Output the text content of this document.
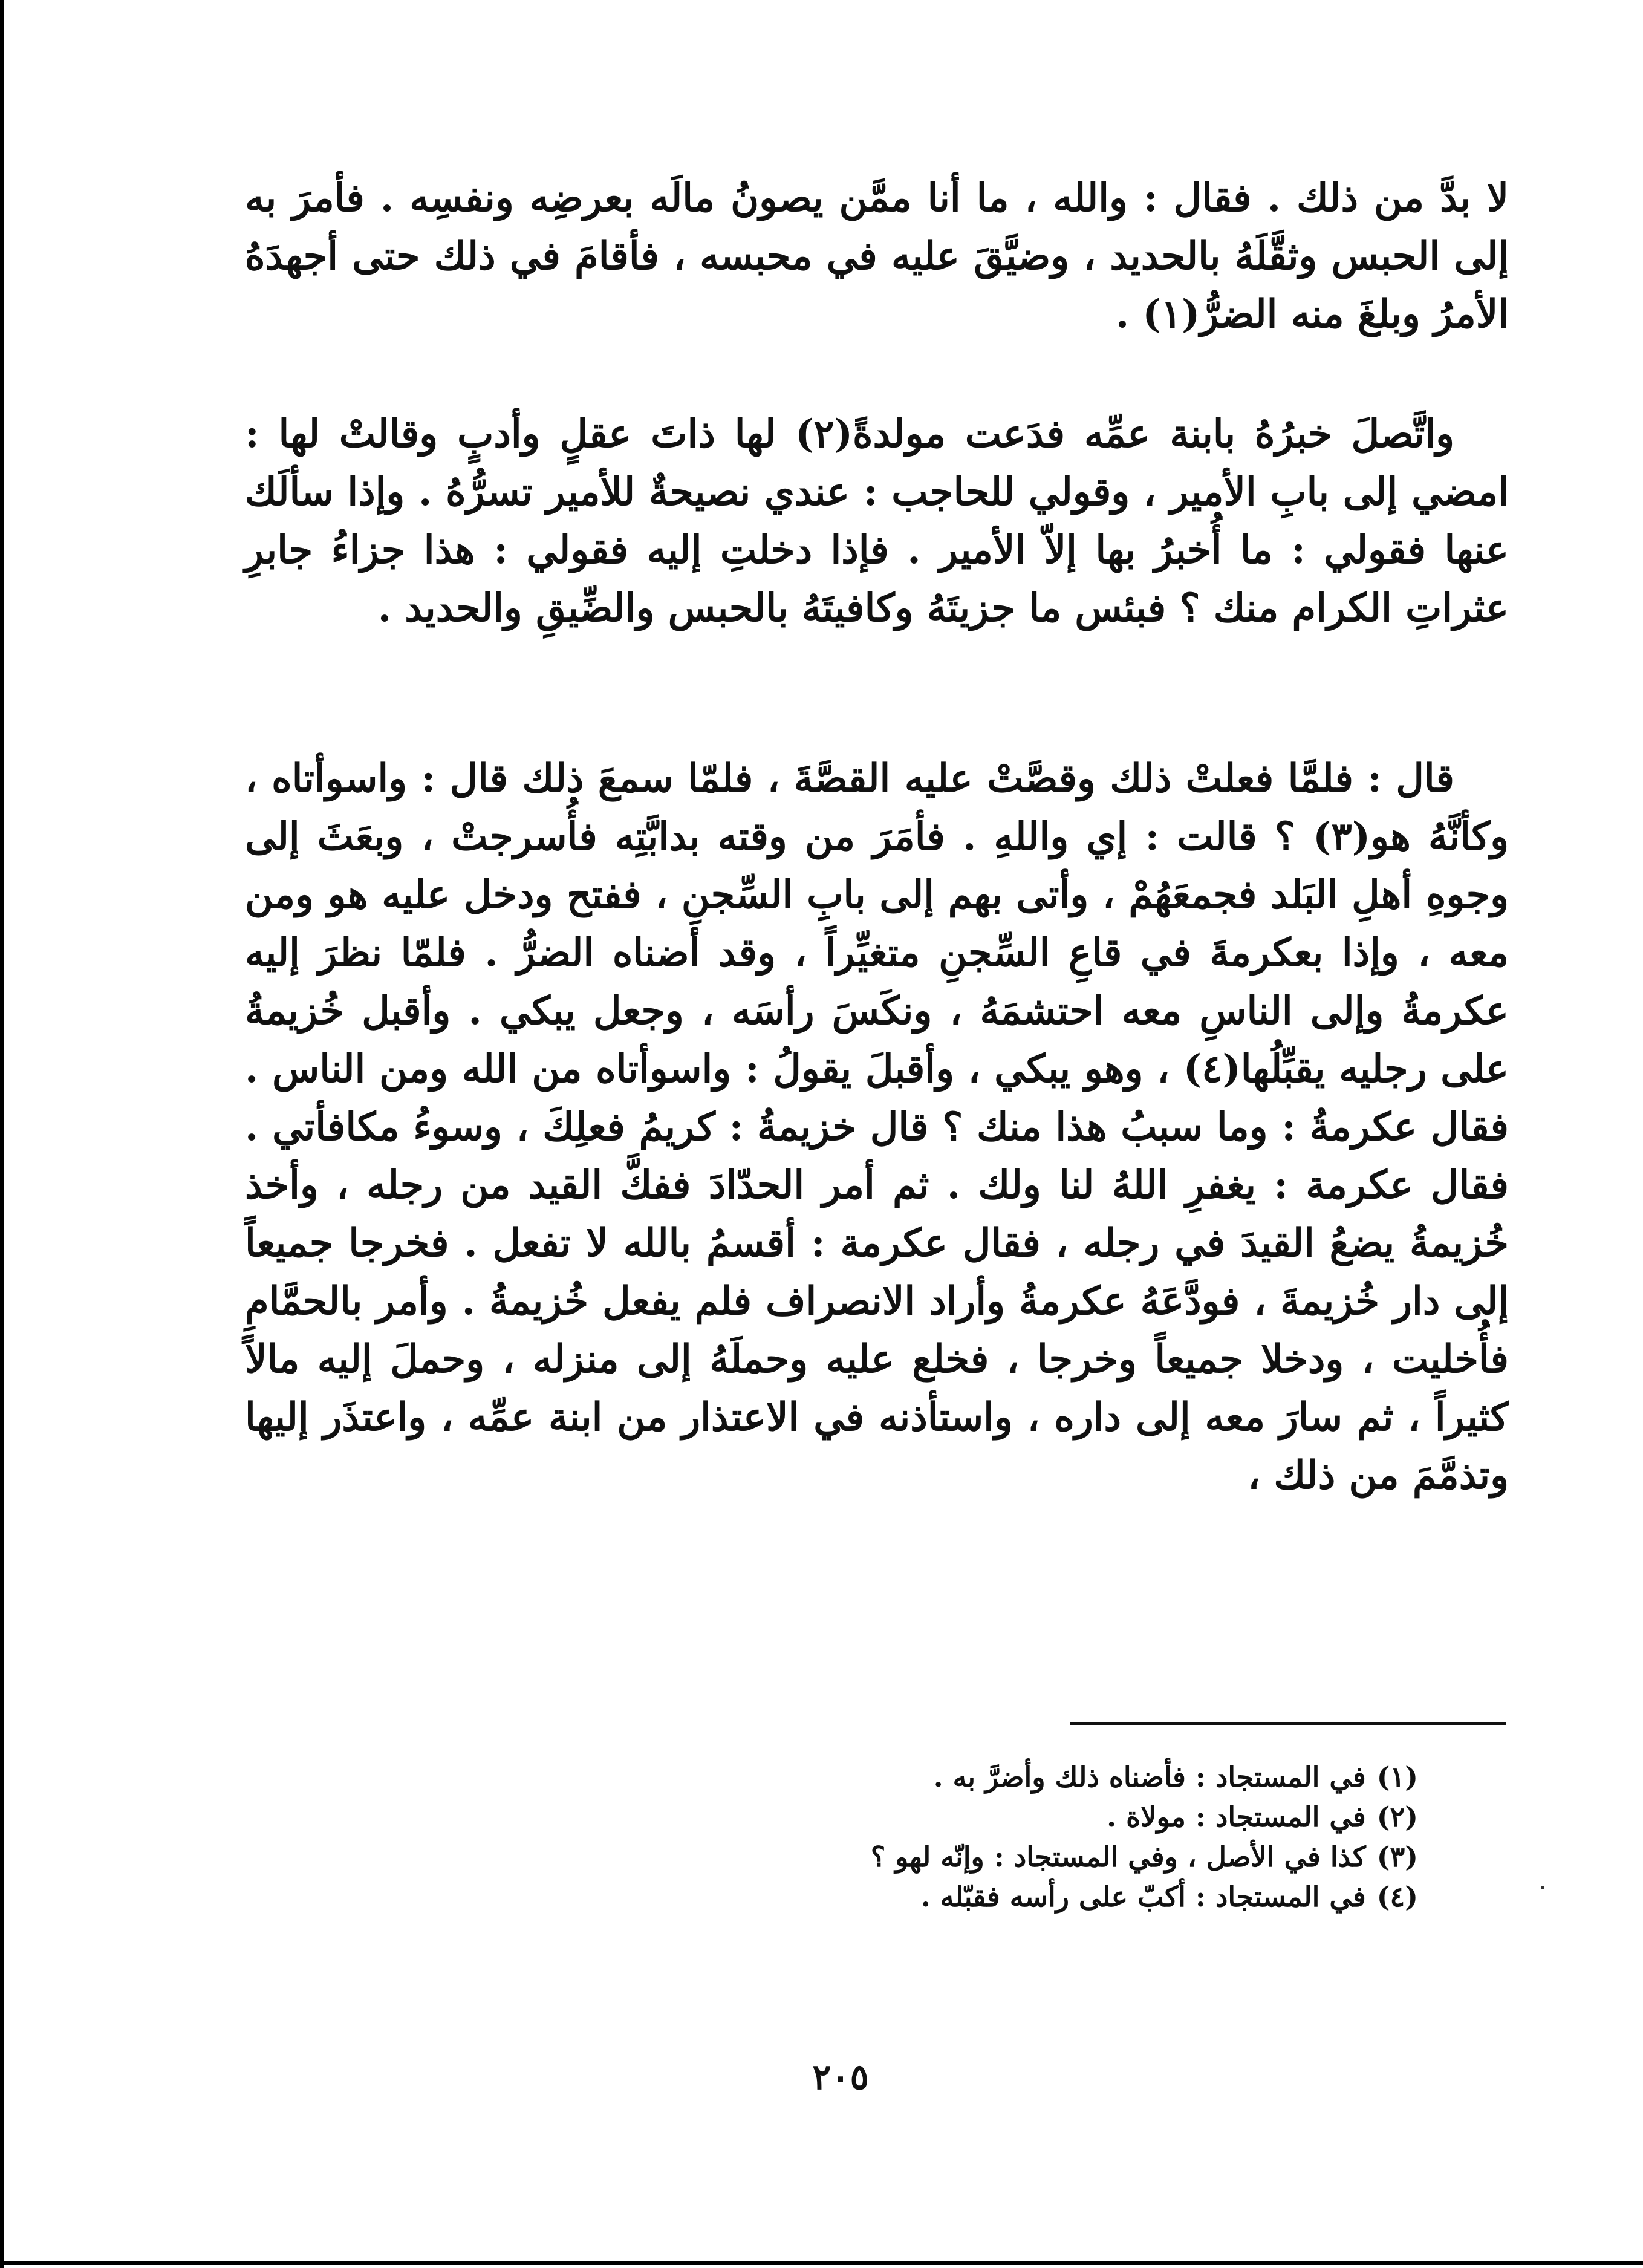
لا بدَّ من ذلك . فقال : والله ، ما أنا ممَّن يصونُ مالَه بعرضِه ونفسِه . فأمرَ به إلى الحبس وثقَّلَهُ بالحديد ، وضيَّقَ عليه في محبسه ، فأقامَ في ذلك حتى أجهدَهُ الأمرُ وبلغَ منه الضرُّ(١) .

واتَّصلَ خبرُهُ بابنة عمِّه فدَعت مولدةً(٢) لها ذاتَ عقلٍ وأدبٍ وقالتْ لها : امضي إلى بابِ الأمير ، وقولي للحاجب : عندي نصيحةٌ للأمير تسرُّهُ . وإذا سألَك عنها فقولي : ما أُخبرُ بها إلاّ الأمير . فإذا دخلتِ إليه فقولي : هذا جزاءُ جابرِ عثراتِ الكرام منك ؟ فبئس ما جزيتَهُ وكافيتَهُ بالحبس والضِّيقِ والحديد .

قال : فلمَّا فعلتْ ذلك وقصَّتْ عليه القصَّةَ ، فلمّا سمعَ ذلك قال : واسوأتاه ، وكأنَّهُ هو(٣) ؟ قالت : إي واللهِ . فأمَرَ من وقته بدابَّتِه فأُسرجتْ ، وبعَثَ إلى وجوهِ أهلِ البَلد فجمعَهُمْ ، وأتى بهم إلى بابِ السِّجنِ ، ففتح ودخل عليه هو ومن معه ، وإذا بعكرمةَ في قاعِ السِّجنِ متغيِّراً ، وقد أضناه الضرُّ . فلمّا نظرَ إليه عكرمةُ وإلى الناسِ معه احتشمَهُ ، ونكَسَ رأسَه ، وجعل يبكي . وأقبل خُزيمةُ على رجليه يقبِّلُها(٤) ، وهو يبكي ، وأقبلَ يقولُ : واسوأتاه من الله ومن الناس . فقال عكرمةُ : وما سببُ هذا منك ؟ قال خزيمةُ : كريمُ فعلِكَ ، وسوءُ مكافأتي . فقال عكرمة : يغفرِ اللهُ لنا ولك . ثم أمر الحدّادَ ففكَّ القيد من رجله ، وأخذ خُزيمةُ يضعُ القيدَ في رجله ، فقال عكرمة : أقسمُ بالله لا تفعل . فخرجا جميعاً إلى دار خُزيمةَ ، فودَّعَهُ عكرمةُ وأراد الانصراف فلم يفعل خُزيمةُ . وأمر بالحمَّامِ فأُخليت ، ودخلا جميعاً وخرجا ، فخلع عليه وحملَهُ إلى منزله ، وحملَ إليه مالاً كثيراً ، ثم سارَ معه إلى داره ، واستأذنه في الاعتذار من ابنة عمِّه ، واعتذَر إليها وتذمَّمَ من ذلك ،

(١)في المستجاد : فأضناه ذلك وأضرَّ به .
(٢)في المستجاد : مولاة .
(٣)كذا في الأصل ، وفي المستجاد : وإنّه لهو ؟
(٤)في المستجاد : أكبّ على رأسه فقبّله .
٢٠٥
